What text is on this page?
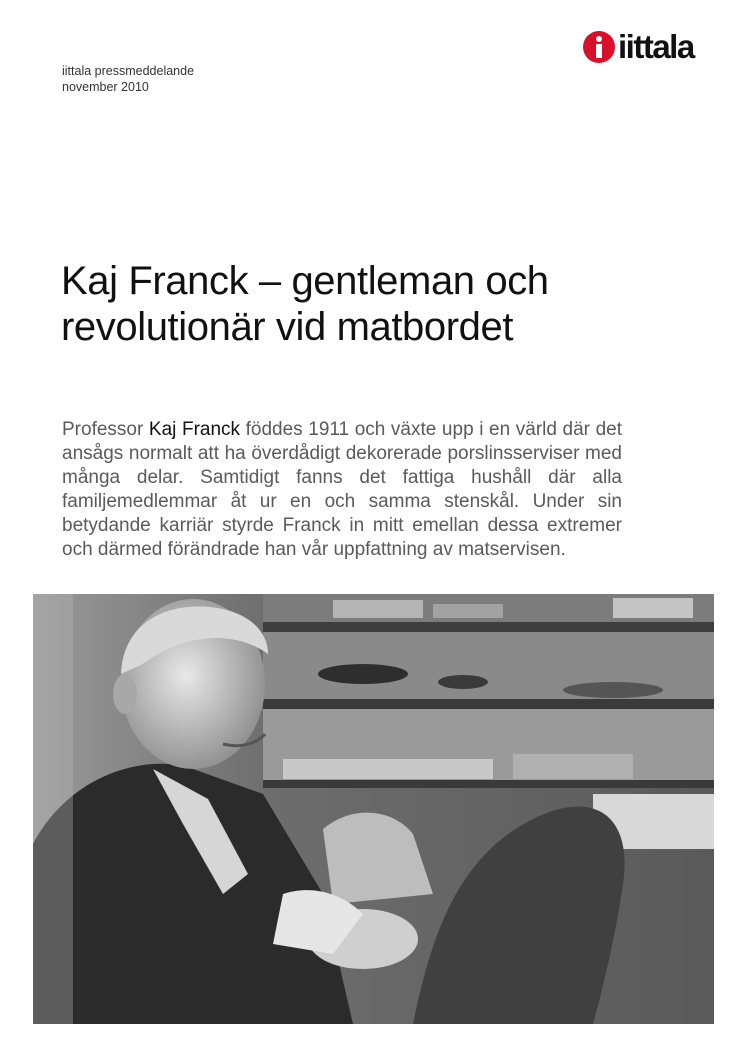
iittala pressmeddelande
november 2010
iittala
Kaj Franck – gentleman och revolutionär vid matbordet

Professor Kaj Franck föddes 1911 och växte upp i en värld där det ansågs normalt att ha överdådigt dekorerade porslinsserviser med många delar. Samtidigt fanns det fattiga hushåll där alla familjemedlemmar åt ur en och samma stenskål. Under sin betydande karriär styrde Franck in mitt emellan dessa extremer och därmed förändrade han vår uppfattning av matservisen.
